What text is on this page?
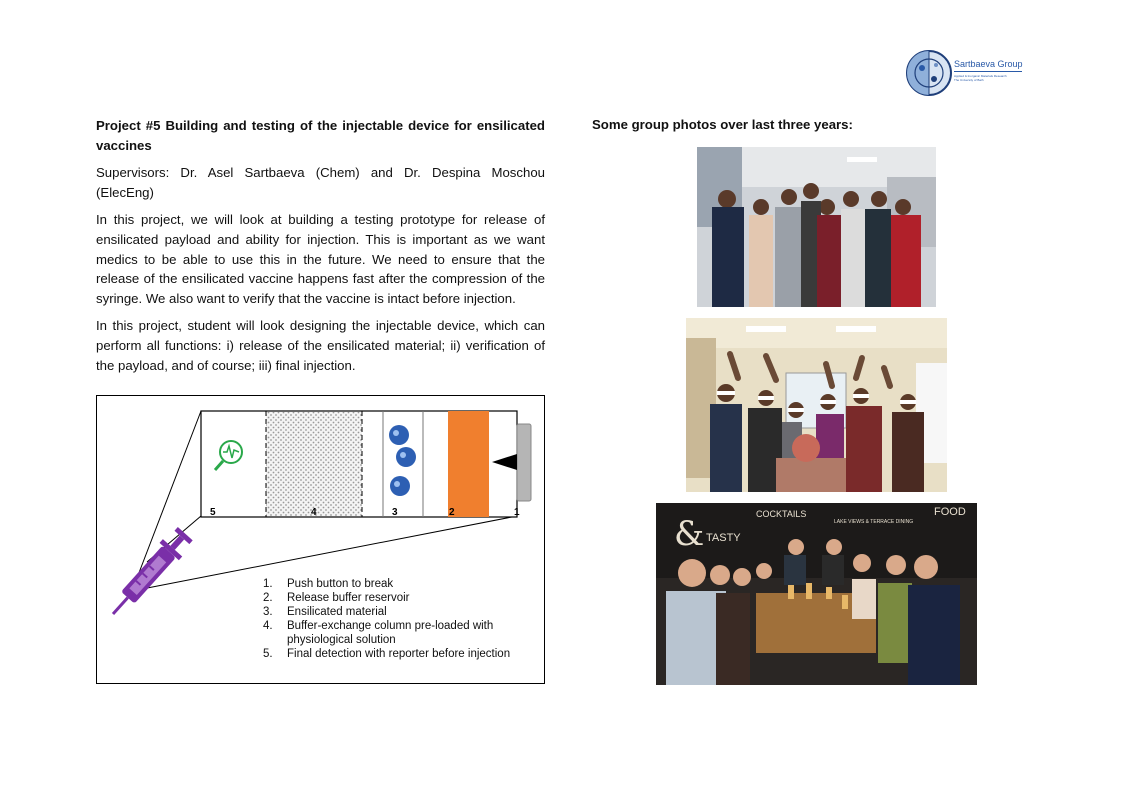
Sartbaeva Group
Applied & Inorganic Materials Research
The University of Bath

Project #5 Building and testing of the injectable device for ensilicated vaccines

Supervisors: Dr. Asel Sartbaeva (Chem) and Dr. Despina Moschou (ElecEng)

In this project, we will look at building a testing prototype for release of ensilicated payload and ability for injection. This is important as we want medics to be able to use this in the future. We need to ensure that the release of the ensilicated vaccine happens fast after the compression of the syringe. We also want to verify that the vaccine is intact before injection.

In this project, student will look designing the injectable device, which can perform all functions: i) release of the ensilicated material; ii) verification of the payload, and of course; iii) final injection.

5	4	3	2	1
1.	Push button to break
2.	Release buffer reservoir
3.	Ensilicated material
4.	Buffer-exchange column pre-loaded with physiological solution
5.	Final detection with reporter before injection
Some group photos over last three years:
& TASTY
COCKTAILS
LAKE VIEWS & TERRACE DINING
FOOD
